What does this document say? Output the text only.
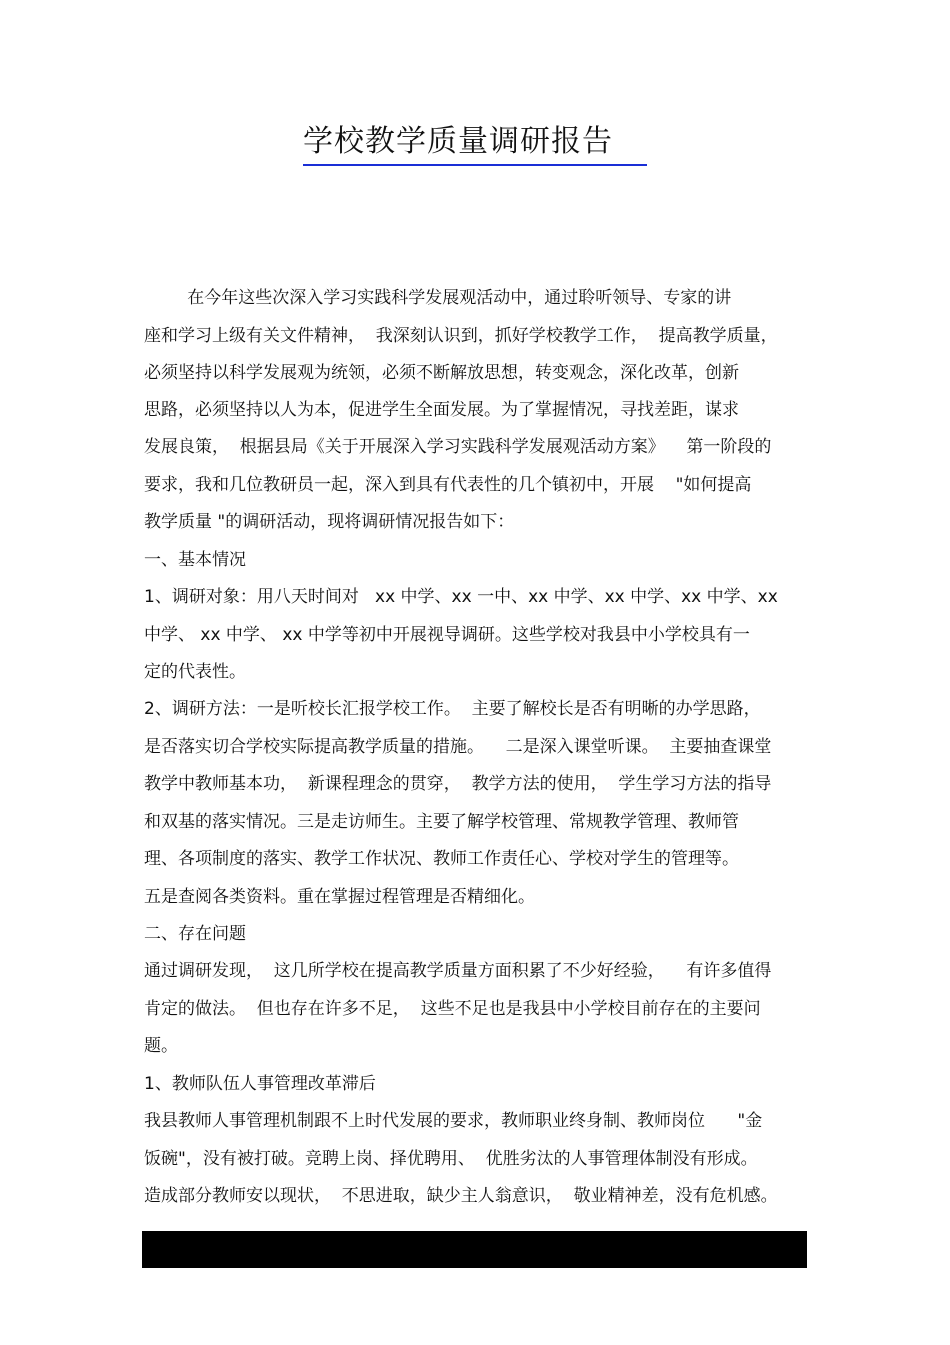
学校教学质量调研报告
在今年这些次深入学习实践科学发展观活动中，通过聆听领导、专家的讲
座和学习上级有关文件精神，  我深刻认识到，抓好学校教学工作，  提高教学质量，
必须坚持以科学发展观为统领，必须不断解放思想，转变观念，深化改革，创新
思路，必须坚持以人为本，促进学生全面发展。为了掌握情况，寻找差距，谋求
发展良策，  根据县局《关于开展深入学习实践科学发展观活动方案》    第一阶段的
要求，我和几位教研员一起，深入到具有代表性的几个镇初中，开展    "如何提高
教学质量 "的调研活动，现将调研情况报告如下：
一、基本情况
1、调研对象：用八天时间对   xx 中学、xx 一中、xx 中学、xx 中学、xx 中学、xx
中学、 xx 中学、 xx 中学等初中开展视导调研。这些学校对我县中小学校具有一
定的代表性。
2、调研方法：一是听校长汇报学校工作。  主要了解校长是否有明晰的办学思路，
是否落实切合学校实际提高教学质量的措施。    二是深入课堂听课。  主要抽查课堂
教学中教师基本功，  新课程理念的贯穿，  教学方法的使用，  学生学习方法的指导
和双基的落实情况。三是走访师生。主要了解学校管理、常规教学管理、教师管
理、各项制度的落实、教学工作状况、教师工作责任心、学校对学生的管理等。
五是查阅各类资料。重在掌握过程管理是否精细化。
二、存在问题
通过调研发现，  这几所学校在提高教学质量方面积累了不少好经验，    有许多值得
肯定的做法。  但也存在许多不足，  这些不足也是我县中小学校目前存在的主要问
题。
1、教师队伍人事管理改革滞后
我县教师人事管理机制跟不上时代发展的要求，教师职业终身制、教师岗位      "金
饭碗"，没有被打破。竞聘上岗、择优聘用、  优胜劣汰的人事管理体制没有形成。
造成部分教师安以现状，  不思进取，缺少主人翁意识，  敬业精神差，没有危机感。
